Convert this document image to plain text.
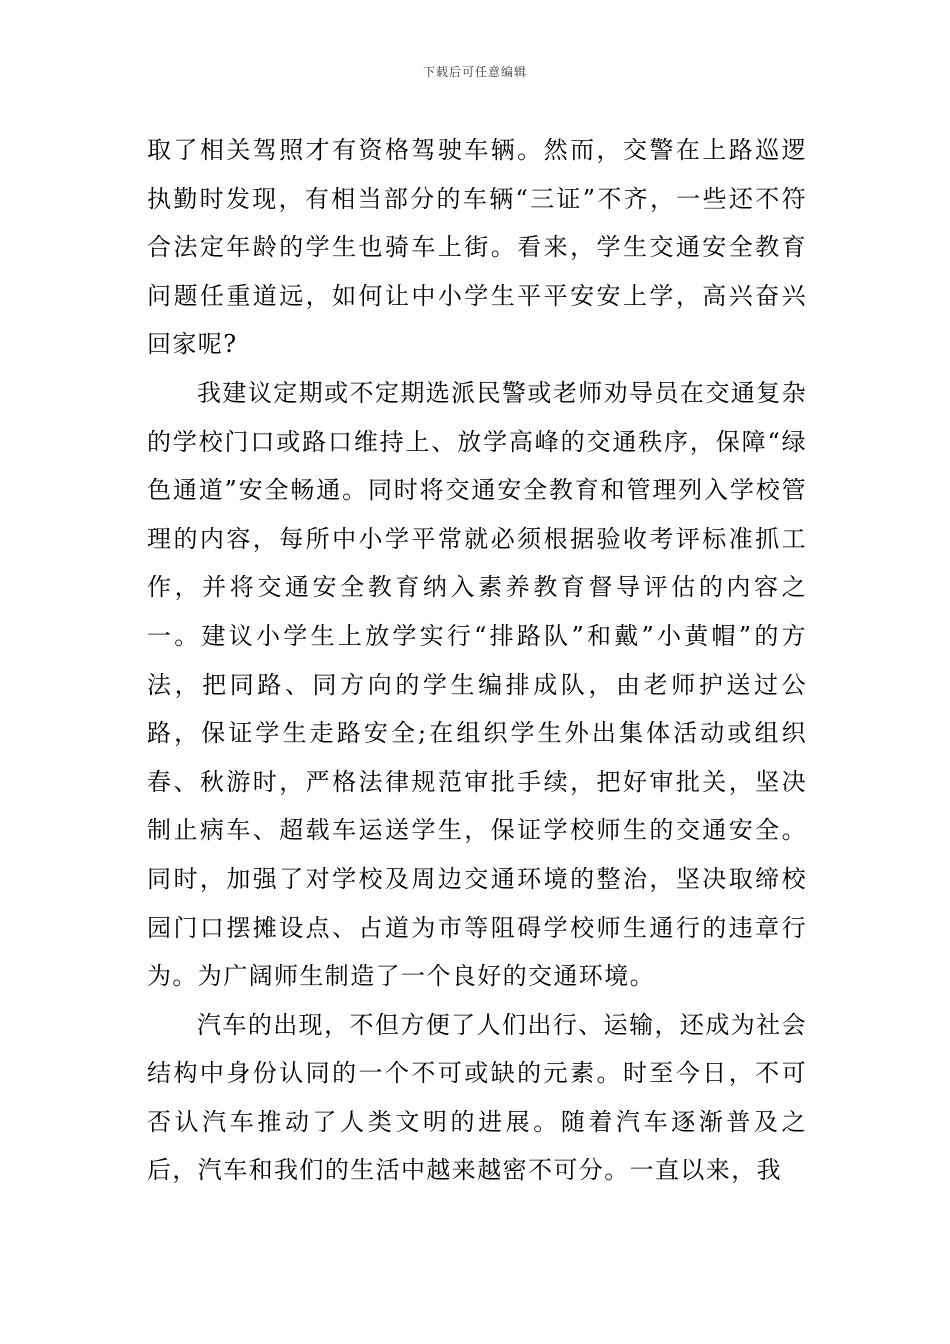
下载后可任意编辑

取了相关驾照才有资格驾驶车辆。然而，交警在上路巡逻执勤时发现，有相当部分的车辆“三证”不齐，一些还不符合法定年龄的学生也骑车上街。看来，学生交通安全教育问题任重道远，如何让中小学生平平安安上学，高兴奋兴回家呢?

我建议定期或不定期选派民警或老师劝导员在交通复杂的学校门口或路口维持上、放学高峰的交通秩序，保障“绿色通道”安全畅通。同时将交通安全教育和管理列入学校管理的内容，每所中小学平常就必须根据验收考评标准抓工作，并将交通安全教育纳入素养教育督导评估的内容之一。建议小学生上放学实行“排路队”和戴”小黄帽”的方法，把同路、同方向的学生编排成队，由老师护送过公路，保证学生走路安全;在组织学生外出集体活动或组织春、秋游时，严格法律规范审批手续，把好审批关，坚决制止病车、超载车运送学生，保证学校师生的交通安全。同时，加强了对学校及周边交通环境的整治，坚决取缔校园门口摆摊设点、占道为市等阻碍学校师生通行的违章行为。为广阔师生制造了一个良好的交通环境。

汽车的出现，不但方便了人们出行、运输，还成为社会结构中身份认同的一个不可或缺的元素。时至今日，不可否认汽车推动了人类文明的进展。随着汽车逐渐普及之后，汽车和我们的生活中越来越密不可分。一直以来，我
